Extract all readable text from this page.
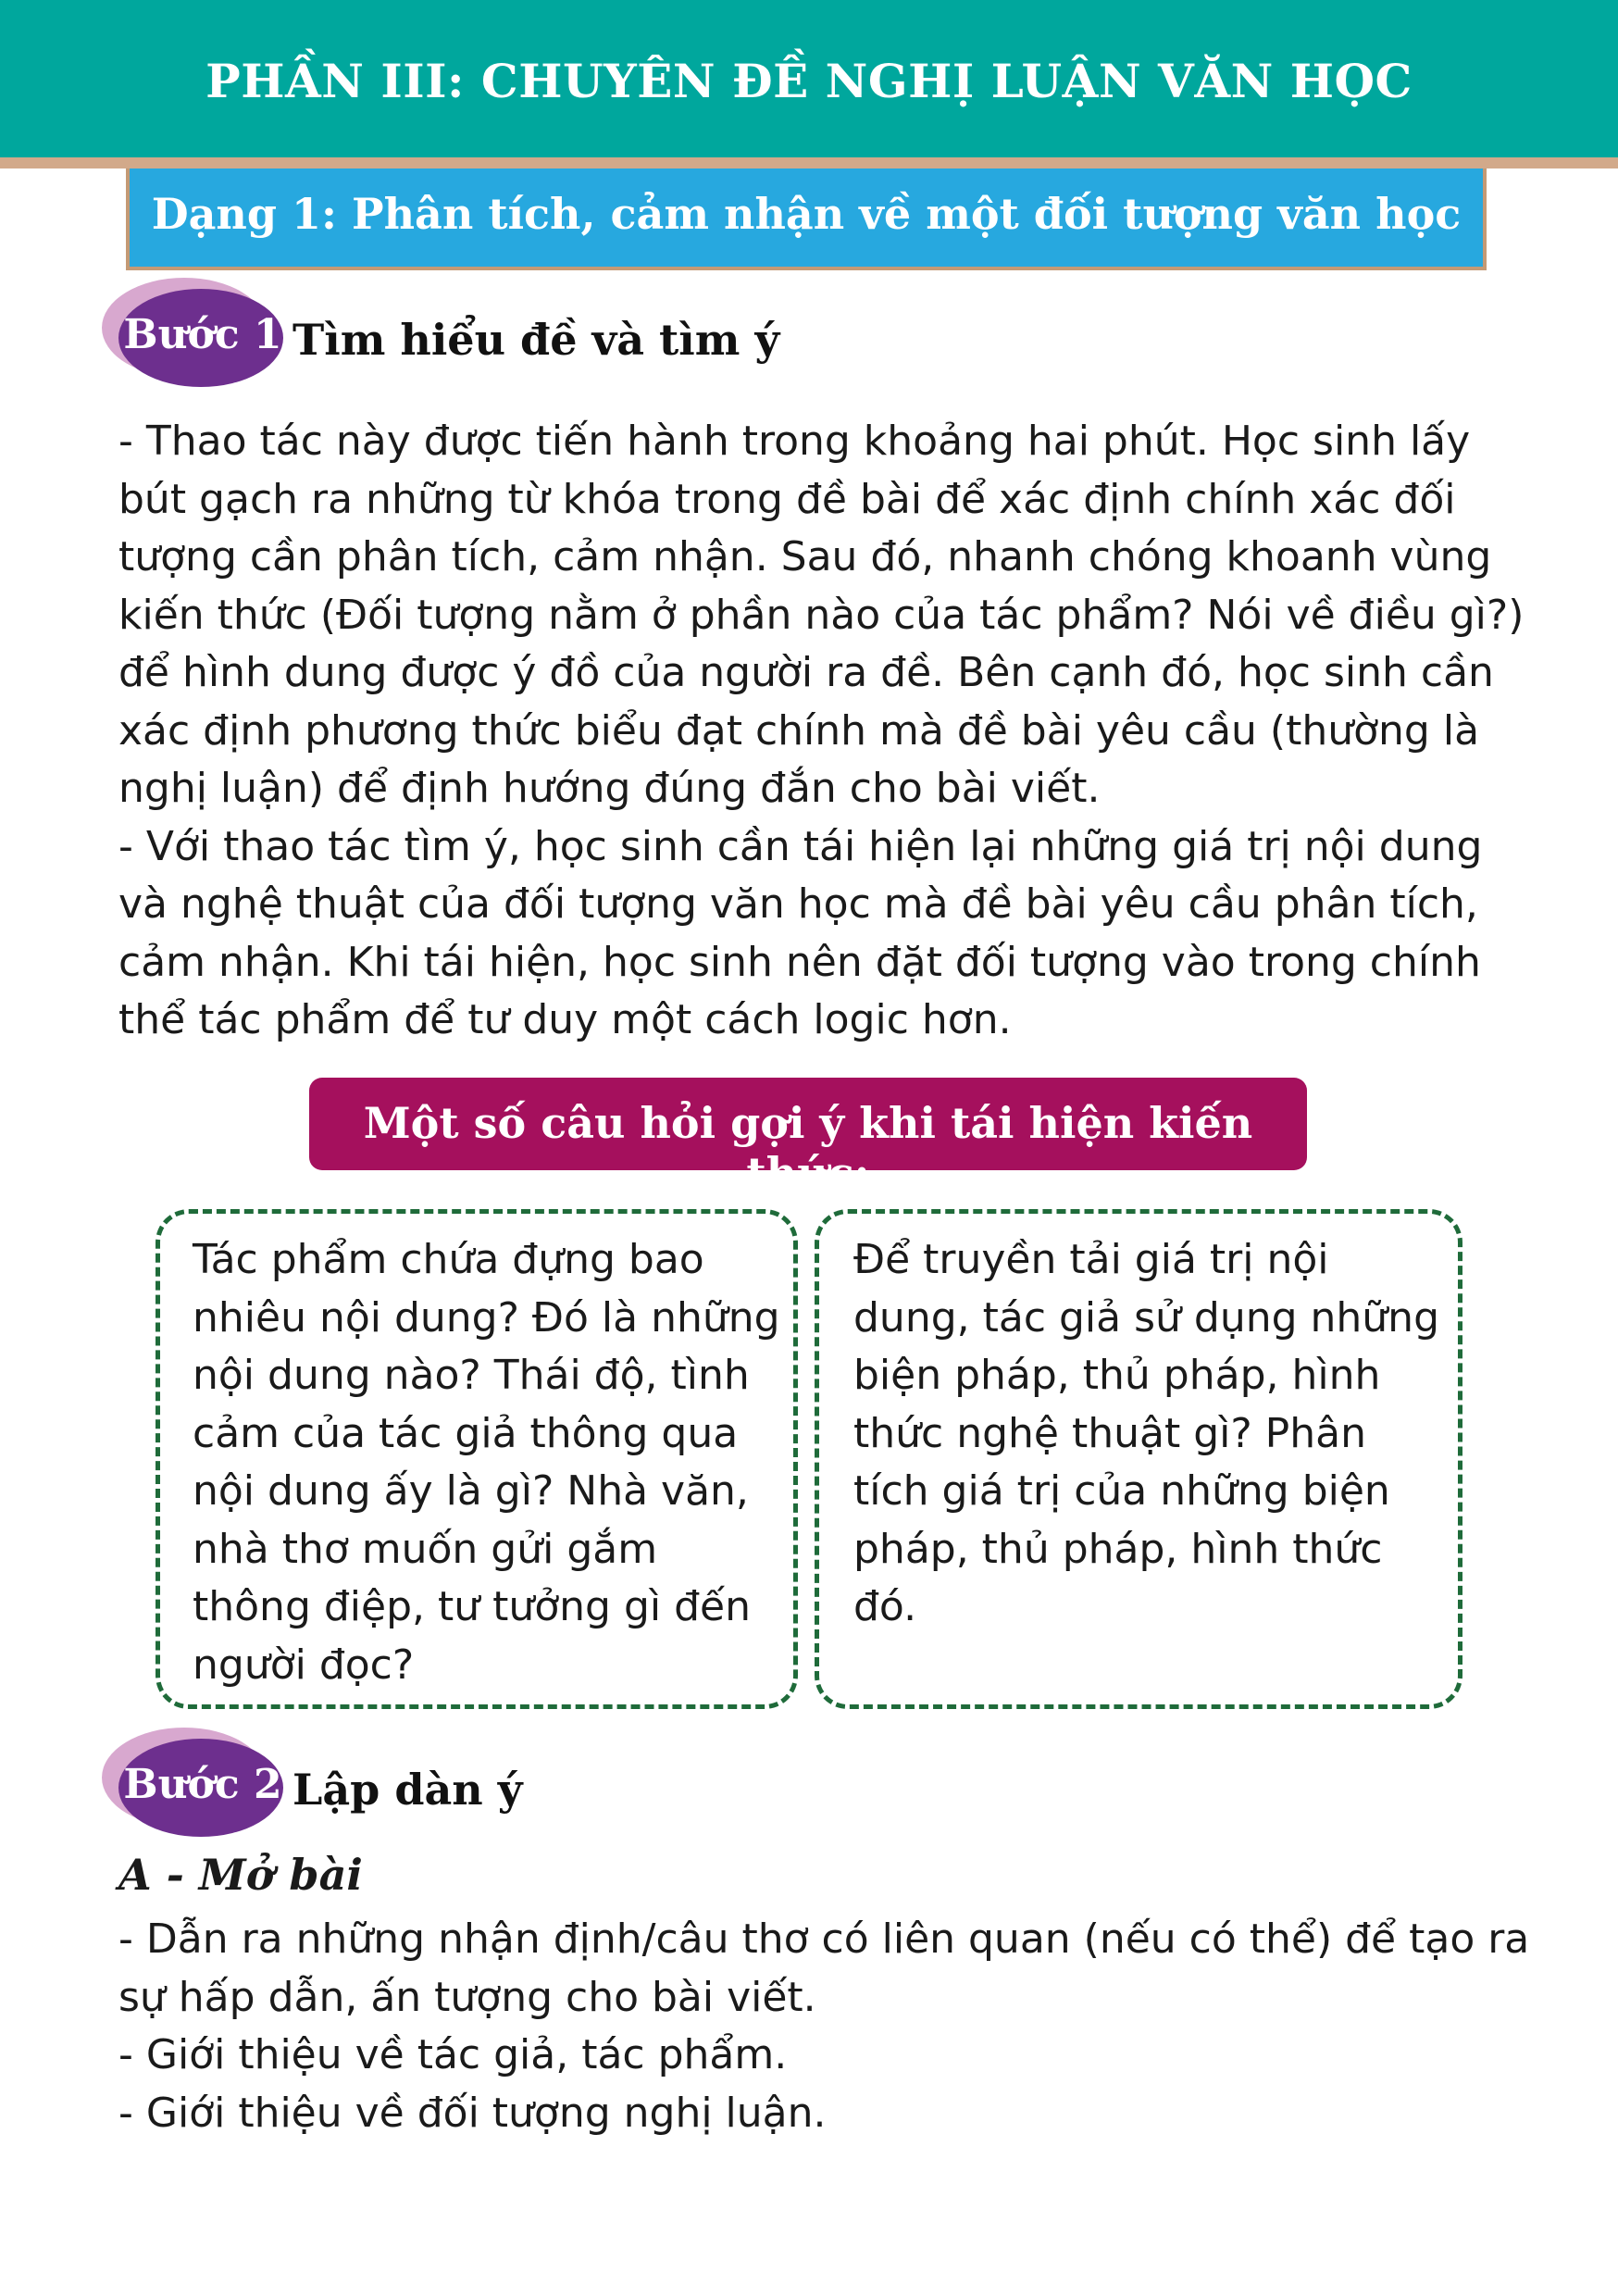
PHẦN III: CHUYÊN ĐỀ NGHỊ LUẬN VĂN HỌC
Dạng 1: Phân tích, cảm nhận về một đối tượng văn học
Bước 1 Tìm hiểu đề và tìm ý

- Thao tác này được tiến hành trong khoảng hai phút. Học sinh lấy bút gạch ra những từ khóa trong đề bài để xác định chính xác đối tượng cần phân tích, cảm nhận. Sau đó, nhanh chóng khoanh vùng kiến thức (Đối tượng nằm ở phần nào của tác phẩm? Nói về điều gì?) để hình dung được ý đồ của người ra đề. Bên cạnh đó, học sinh cần xác định phương thức biểu đạt chính mà đề bài yêu cầu (thường là nghị luận) để định hướng đúng đắn cho bài viết.

- Với thao tác tìm ý, học sinh cần tái hiện lại những giá trị nội dung và nghệ thuật của đối tượng văn học mà đề bài yêu cầu phân tích, cảm nhận. Khi tái hiện, học sinh nên đặt đối tượng vào trong chính thể tác phẩm để tư duy một cách logic hơn.

Một số câu hỏi gợi ý khi tái hiện kiến thức:
Tác phẩm chứa đựng bao nhiêu nội dung? Đó là những nội dung nào? Thái độ, tình cảm của tác giả thông qua nội dung ấy là gì? Nhà văn, nhà thơ muốn gửi gắm thông điệp, tư tưởng gì đến người đọc?
Để truyền tải giá trị nội dung, tác giả sử dụng những biện pháp, thủ pháp, hình thức nghệ thuật gì? Phân tích giá trị của những biện pháp, thủ pháp, hình thức đó.
Bước 2 Lập dàn ý
A - Mở bài

- Dẫn ra những nhận định/câu thơ có liên quan (nếu có thể) để tạo ra sự hấp dẫn, ấn tượng cho bài viết.

- Giới thiệu về tác giả, tác phẩm.

- Giới thiệu về đối tượng nghị luận.
